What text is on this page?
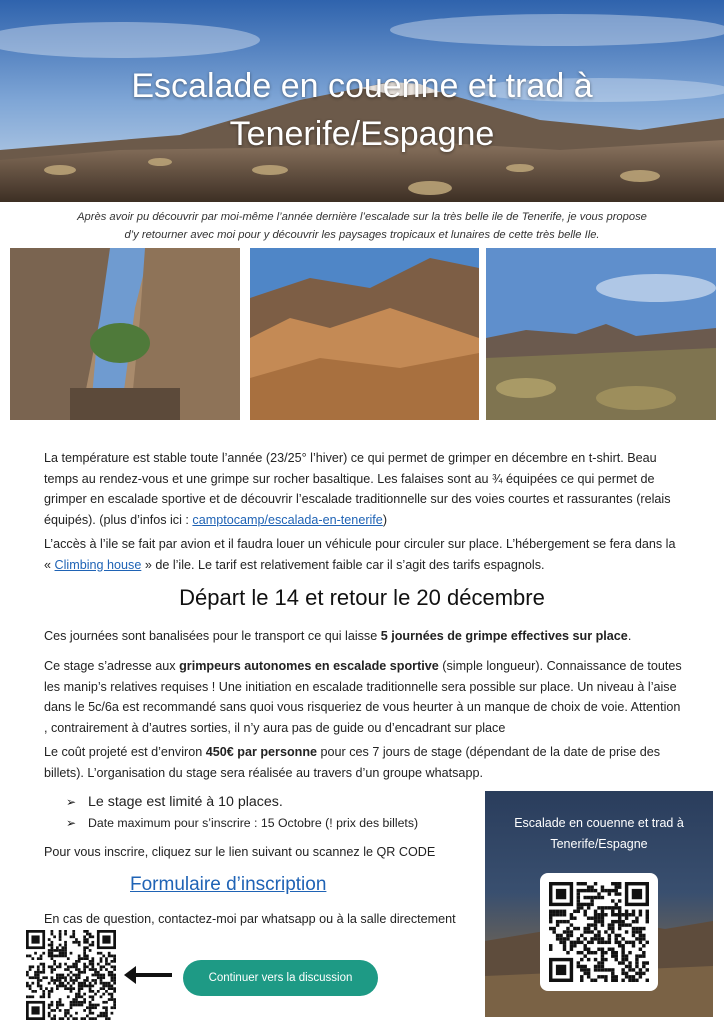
Escalade en couenne et trad à
Tenerife/Espagne
Après avoir pu découvrir par moi-même l’année dernière l’escalade sur la très belle ile de Tenerife, je vous propose
d’y retourner avec moi pour y découvrir les paysages tropicaux et lunaires de cette très belle Ile.
La température est stable toute l’année (23/25° l’hiver) ce qui permet de grimper en décembre en t-shirt. Beau temps au rendez-vous et une grimpe sur rocher basaltique. Les falaises sont au ¾ équipées ce qui permet de grimper en escalade sportive et de découvrir l’escalade traditionnelle sur des voies courtes et rassurantes (relais équipés). (plus d’infos ici : camptocamp/escalada-en-tenerife)
L’accès à l’ile se fait par avion et il faudra louer un véhicule pour circuler sur place. L’hébergement se fera dans la « Climbing house » de l’ile. Le tarif est relativement faible car il s’agit des tarifs espagnols.
Départ le 14 et retour le 20 décembre
Ces journées sont banalisées pour le transport ce qui laisse 5 journées de grimpe effectives sur place.
Ce stage s’adresse aux grimpeurs autonomes en escalade sportive (simple longueur). Connaissance de toutes les manip’s relatives requises ! Une initiation en escalade traditionnelle sera possible sur place. Un niveau à l’aise dans le 5c/6a est recommandé sans quoi vous risqueriez de vous heurter à un manque de choix de voie. Attention , contrairement à d’autres sorties, il n’y aura pas de guide ou d’encadrant sur place
Le coût projeté est d’environ 450€ par personne pour ces 7 jours de stage (dépendant de la date de prise des billets). L’organisation du stage sera réalisée au travers d’un groupe whatsapp.
➢ Le stage est limité à 10 places.
➢ Date maximum pour s’inscrire : 15 Octobre (! prix des billets)
Pour vous inscrire, cliquez sur le lien suivant ou scannez le QR CODE
Formulaire d’inscription
En cas de question, contactez-moi par whatsapp ou à la salle directement
Continuer vers la discussion
Escalade en couenne et trad à
Tenerife/Espagne
